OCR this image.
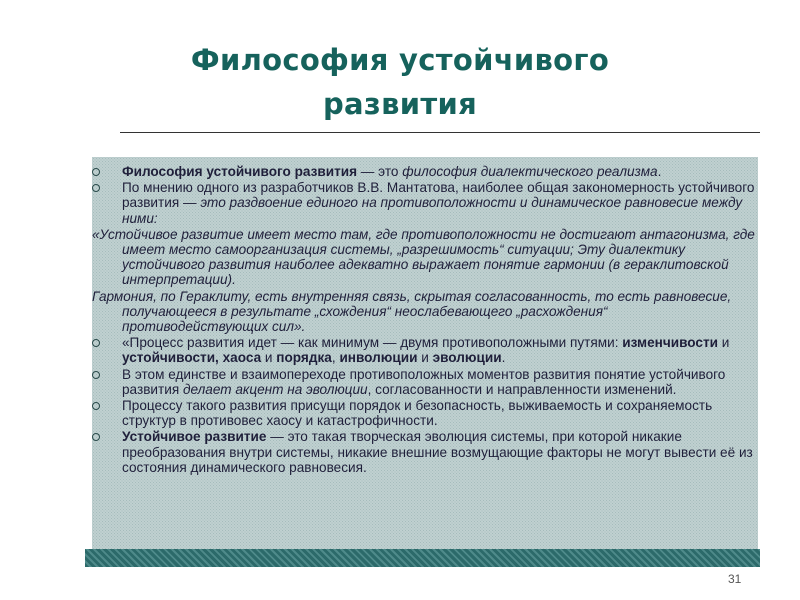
Философия устойчивого
развития
Философия устойчивого развития — это философия диалектического реализма.
По мнению одного из разработчиков В.В. Мантатова, наиболее общая закономерность устойчивого развития — это раздвоение единого на противоположности и динамическое равновесие между ними:
«Устойчивое развитие имеет место там, где противоположности не достигают антагонизма, где имеет место самоорганизация системы, „разрешимость“ ситуации; Эту диалектику устойчивого развития наиболее адекватно выражает понятие гармонии (в гераклитовской интерпретации).
Гармония, по Гераклиту, есть внутренняя связь, скрытая согласованность, то есть равновесие, получающееся в результате „схождения“ неослабевающего „расхождения“ противодействующих сил».
«Процесс развития идет — как минимум — двумя противоположными путями: изменчивости и устойчивости, хаоса и порядка, инволюции и эволюции.
В этом единстве и взаимопереходе противоположных моментов развития понятие устойчивого развития делает акцент на эволюции, согласованности и направленности изменений.
Процессу такого развития присущи порядок и безопасность, выживаемость и сохраняемость структур в противовес хаосу и катастрофичности.
Устойчивое развитие — это такая творческая эволюция системы, при которой никакие преобразования внутри системы, никакие внешние возмущающие факторы не могут вывести её из состояния динамического равновесия.
31
